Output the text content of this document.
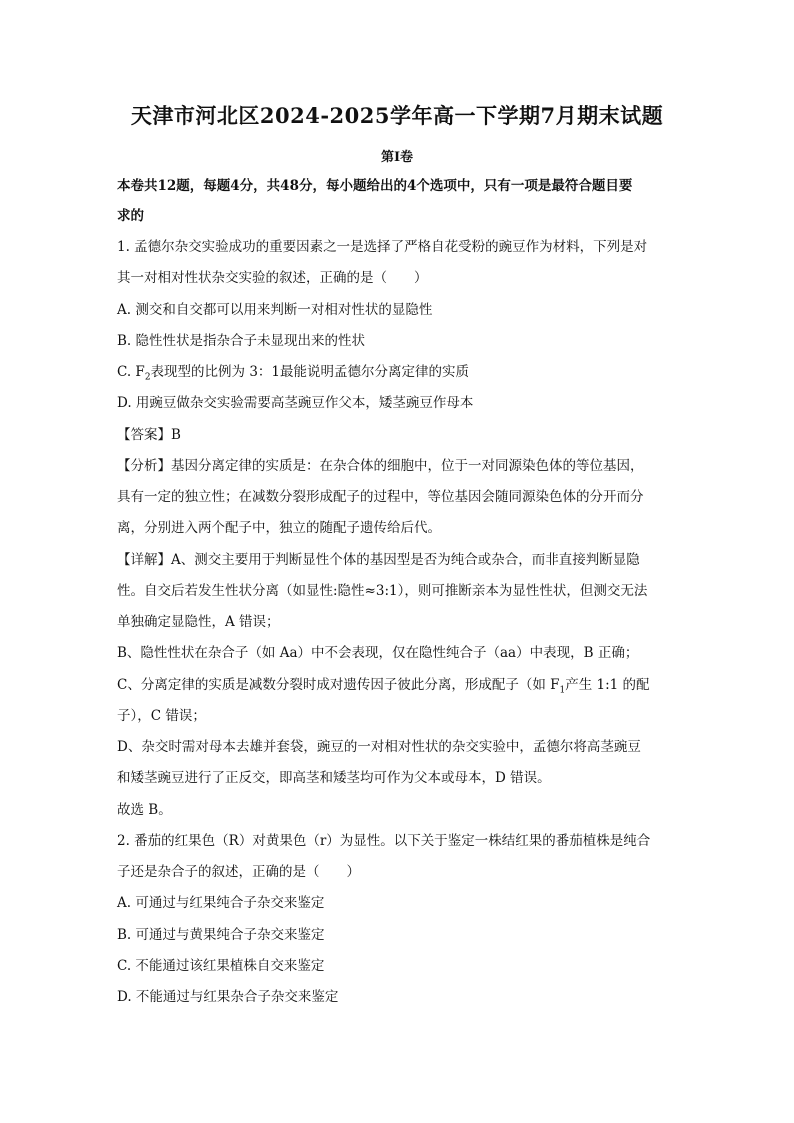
天津市河北区2024-2025学年高一下学期7月期末试题
第I卷
本卷共12题，每题4分，共48分，每小题给出的4个选项中，只有一项是最符合题目要
求的
1. 孟德尔杂交实验成功的重要因素之一是选择了严格自花受粉的豌豆作为材料，下列是对
其一对相对性状杂交实验的叙述，正确的是（　　）
A. 测交和自交都可以用来判断一对相对性状的显隐性
B. 隐性性状是指杂合子未显现出来的性状
C. $F_2$表现型的比例为 3：1最能说明孟德尔分离定律的实质
D. 用豌豆做杂交实验需要高茎豌豆作父本，矮茎豌豆作母本
【答案】B
【分析】基因分离定律的实质是：在杂合体的细胞中，位于一对同源染色体的等位基因，
具有一定的独立性；在减数分裂形成配子的过程中，等位基因会随同源染色体的分开而分
离，分别进入两个配子中，独立的随配子遗传给后代。
【详解】A、测交主要用于判断显性个体的基因型是否为纯合或杂合，而非直接判断显隐
性。自交后若发生性状分离（如显性:隐性≈3:1），则可推断亲本为显性性状，但测交无法
单独确定显隐性，A 错误；
B、隐性性状在杂合子（如 Aa）中不会表现，仅在隐性纯合子（aa）中表现，B 正确；
C、分离定律的实质是减数分裂时成对遗传因子彼此分离，形成配子（如 $F_1$产生 1:1 的配
子），C 错误；
D、杂交时需对母本去雄并套袋，豌豆的一对相对性状的杂交实验中，孟德尔将高茎豌豆
和矮茎豌豆进行了正反交，即高茎和矮茎均可作为父本或母本，D 错误。
故选 B。
2. 番茄的红果色（R）对黄果色（r）为显性。以下关于鉴定一株结红果的番茄植株是纯合
子还是杂合子的叙述，正确的是（　　）
A. 可通过与红果纯合子杂交来鉴定
B. 可通过与黄果纯合子杂交来鉴定
C. 不能通过该红果植株自交来鉴定
D. 不能通过与红果杂合子杂交来鉴定
